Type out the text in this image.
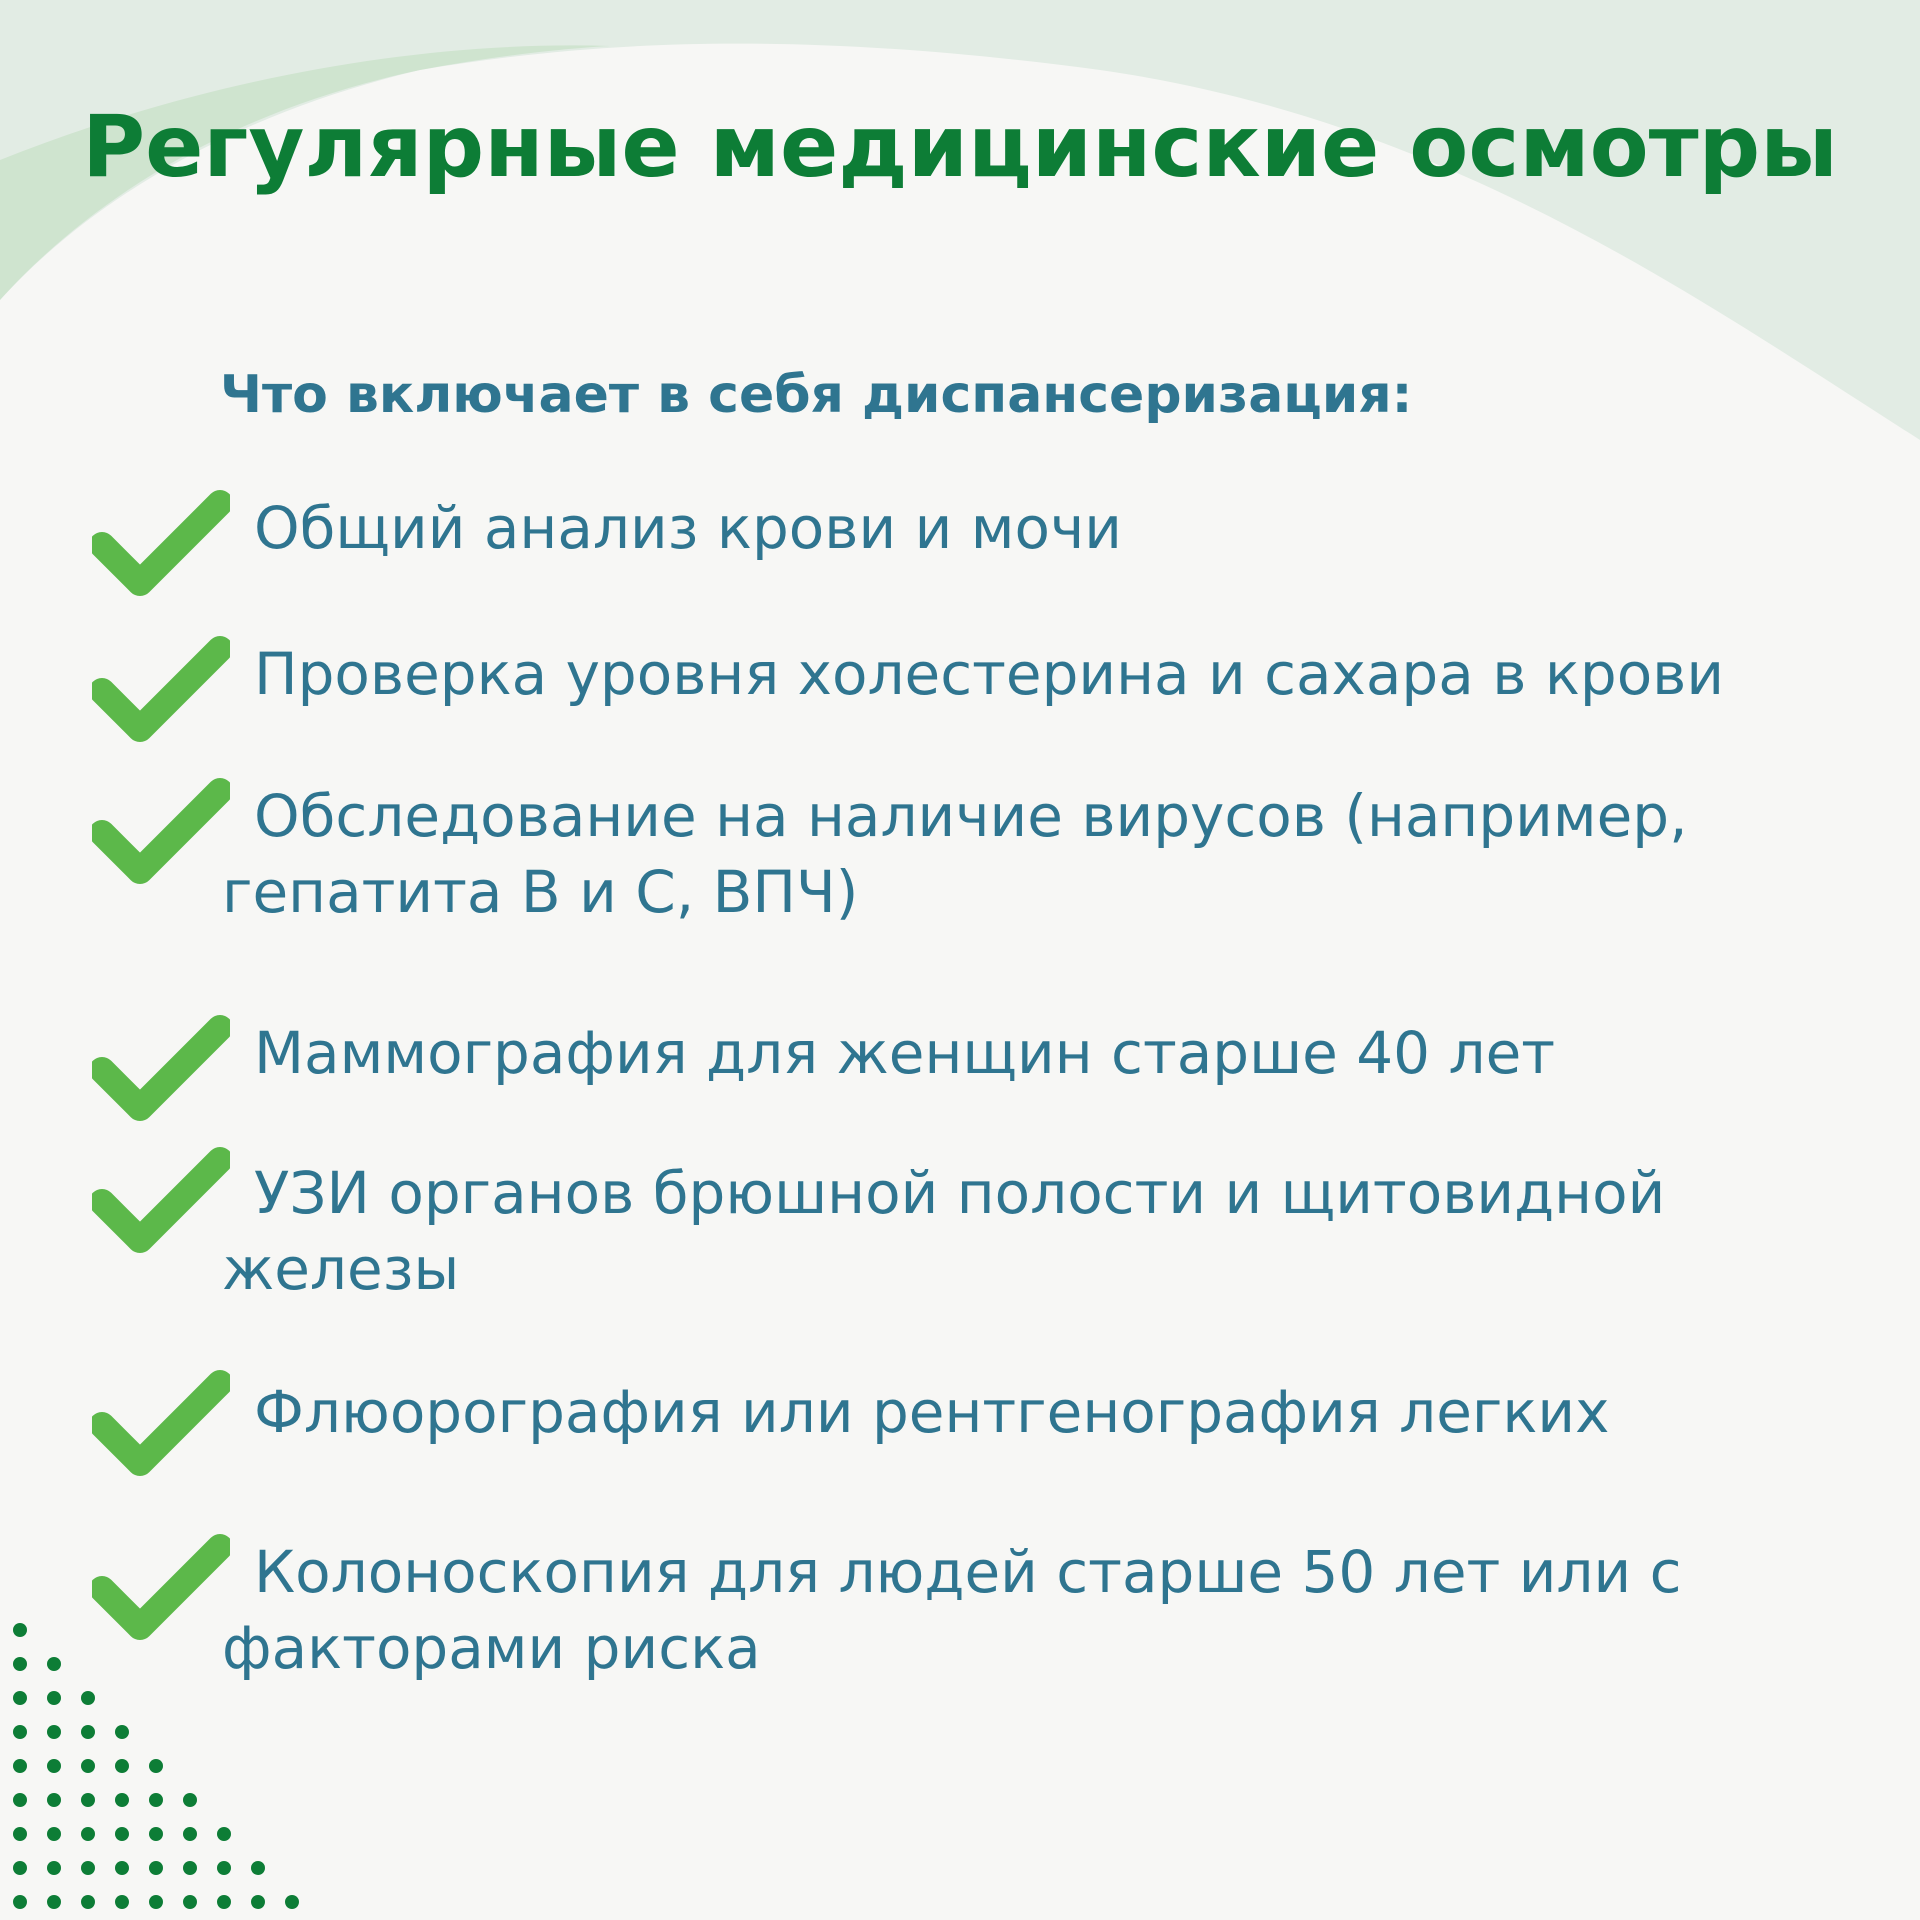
Регулярные медицинские осмотры
Что включает в себя диспансеризация:

Общий анализ крови и мочи

Проверка уровня холестерина и сахара в крови

Обследование на наличие вирусов (например, гепатита В и С, ВПЧ)

Маммография для женщин старше 40 лет

УЗИ органов брюшной полости и щитовидной железы

Флюорография или рентгенография легких

Колоноскопия для людей старше 50 лет или с факторами риска
